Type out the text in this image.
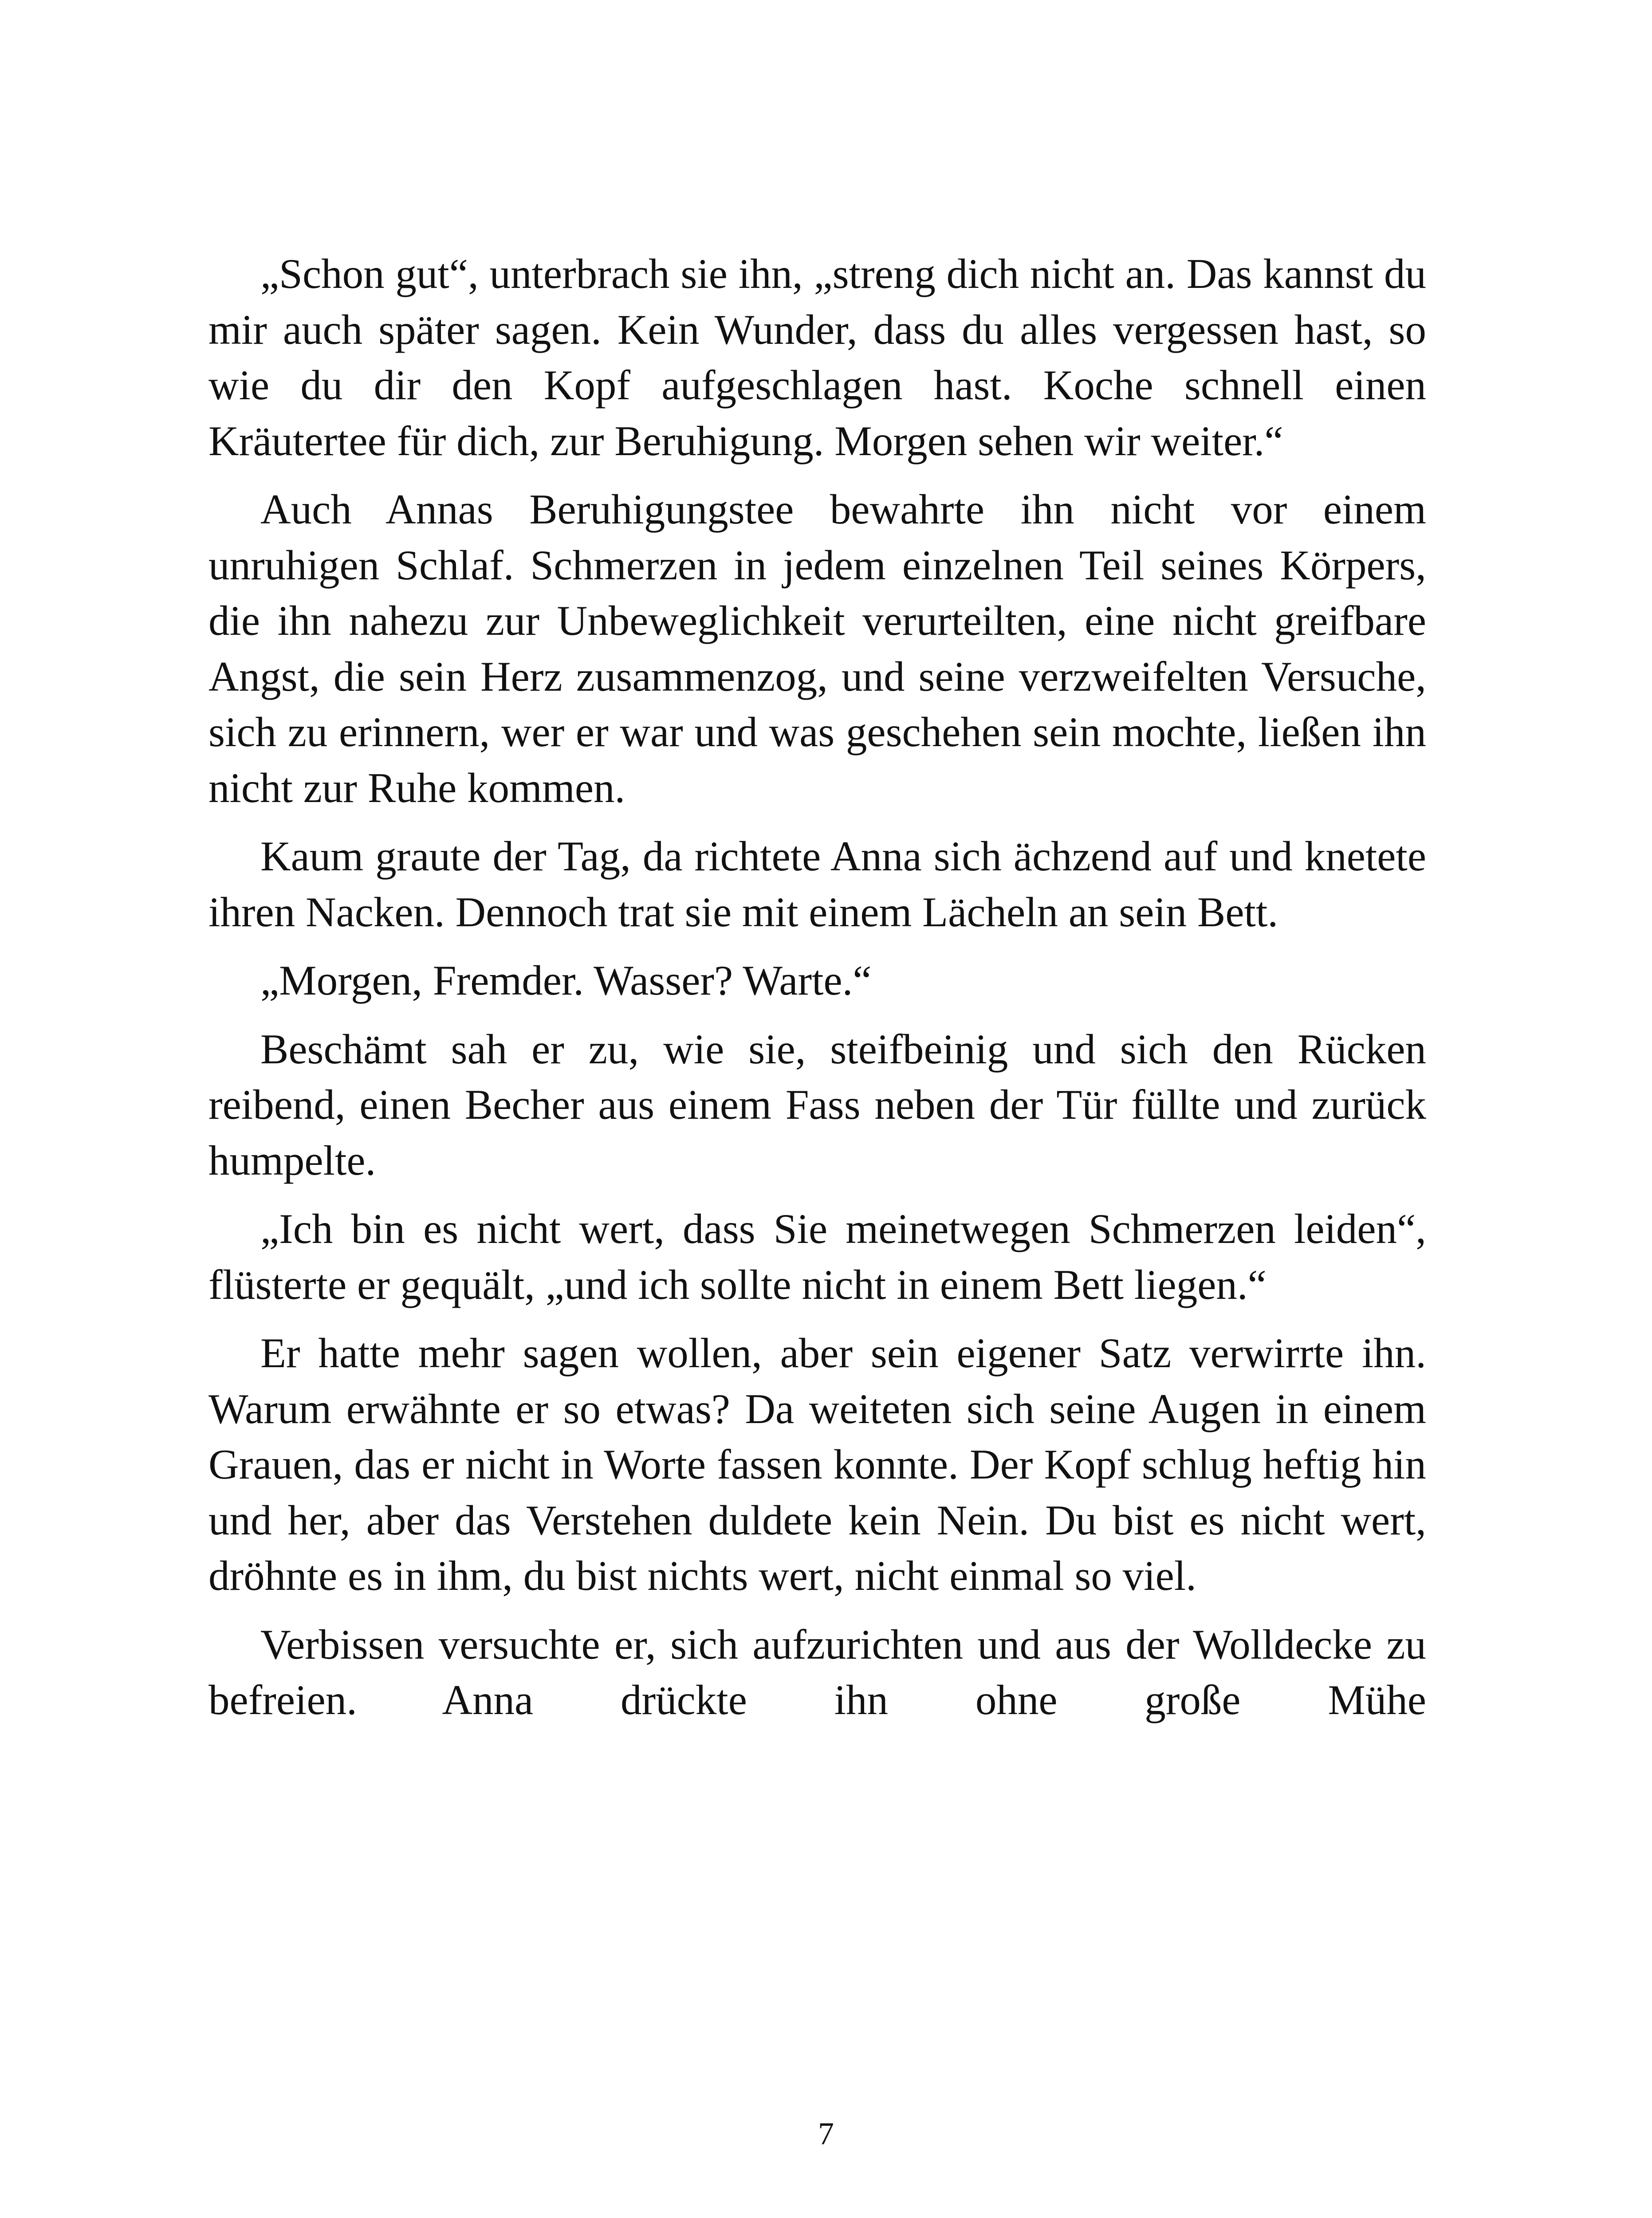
„Schon gut“, unterbrach sie ihn, „streng dich nicht an. Das kannst du mir auch später sagen. Kein Wunder, dass du alles vergessen hast, so wie du dir den Kopf aufgeschlagen hast. Koche schnell einen Kräutertee für dich, zur Beruhigung. Morgen sehen wir weiter.“

Auch Annas Beruhigungstee bewahrte ihn nicht vor einem unruhigen Schlaf. Schmerzen in jedem einzelnen Teil seines Körpers, die ihn nahezu zur Unbeweglichkeit verurteilten, eine nicht greifbare Angst, die sein Herz zusammenzog, und seine verzweifelten Versuche, sich zu erinnern, wer er war und was geschehen sein mochte, ließen ihn nicht zur Ruhe kommen.

Kaum graute der Tag, da richtete Anna sich ächzend auf und knetete ihren Nacken. Dennoch trat sie mit einem Lächeln an sein Bett.

„Morgen, Fremder. Wasser? Warte.“

Beschämt sah er zu, wie sie, steifbeinig und sich den Rücken reibend, einen Becher aus einem Fass neben der Tür füllte und zurück humpelte.

„Ich bin es nicht wert, dass Sie meinetwegen Schmerzen leiden“, flüsterte er gequält, „und ich sollte nicht in einem Bett liegen.“

Er hatte mehr sagen wollen, aber sein eigener Satz verwirrte ihn. Warum erwähnte er so etwas? Da weiteten sich seine Augen in einem Grauen, das er nicht in Worte fassen konnte. Der Kopf schlug heftig hin und her, aber das Verstehen duldete kein Nein. Du bist es nicht wert, dröhnte es in ihm, du bist nichts wert, nicht einmal so viel.

Verbissen versuchte er, sich aufzurichten und aus der Wolldecke zu befreien. Anna drückte ihn ohne große Mühe

7
